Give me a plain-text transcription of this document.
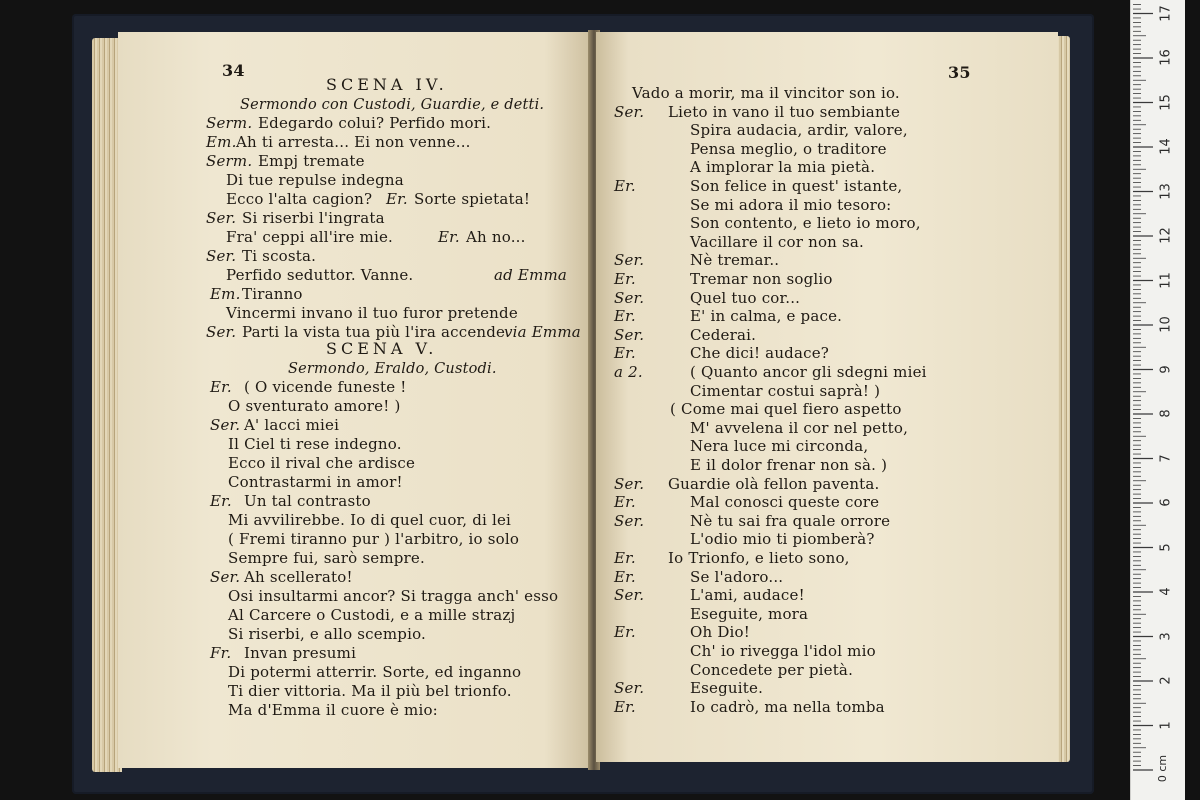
34
SCENA IV.
Sermondo con Custodi, Guardie, e detti.
SCENA V.
Sermondo, Eraldo, Custodi.
Serm. Edegardo colui? Perfido mori.
Em. Ah ti arresta... Ei non venne...
Serm. Empj tremate
Di tue repulse indegna
Ecco l'alta cagion? Er. Sorte spietata!
Ser. Si riserbi l'ingrata
Fra' ceppi all'ire mie.	Er. Ah no...
Ser. Ti scosta.
Perfido seduttor. Vanne.	ad Emma
Em. Tiranno
Vincermi invano il tuo furor pretende
Ser. Parti la vista tua più l'ira accende
via Emma
Er. ( O vicende funeste !
O sventurato amore! )
Ser. A' lacci miei
Il Ciel ti rese indegno.
Ecco il rival che ardisce
Contrastarmi in amor!
Er. Un tal contrasto
Mi avvilirebbe. Io di quel cuor, di lei
( Fremi tiranno pur ) l'arbitro, io solo
Sempre fui, sarò sempre.
Ser. Ah scellerato!
Osi insultarmi ancor? Si tragga anch' esso
Al Carcere o Custodi, e a mille strazj
Si riserbi, e allo scempio.
Fr. Invan presumi
Di potermi atterrir. Sorte, ed inganno
Ti dier vittoria. Ma il più bel trionfo.
Ma d'Emma il cuore è mio:
35
Vado a morir, ma il vincitor son io.
Ser. Lieto in vano il tuo sembiante
Spira audacia, ardir, valore,
Pensa meglio, o traditore
A implorar la mia pietà.
Er.	Son felice in quest' istante,
Se mi adora il mio tesoro:
Son contento, e lieto io moro,
Vacillare il cor non sa.
Ser.	Nè tremar..
Er.	Tremar non soglio
Ser.	Quel tuo cor...
Er.	E' in calma, e pace.
Ser.	Cederai.
Er.	Che dici! audace?
a 2.	( Quanto ancor gli sdegni miei
Cimentar costui saprà! )
( Come mai quel fiero aspetto
M' avvelena il cor nel petto,
Nera luce mi circonda,
E il dolor frenar non sà. )
Ser. Guardie olà fellon paventa.
Er.	Mal conosci queste core
Ser.	Nè tu sai fra quale orrore
L'odio mio ti piomberà?
Er. Io Trionfo, e lieto sono,
Er.	Se l'adoro...
Ser.	L'ami, audace!
Eseguite, mora
Er.	Oh Dio!
Ch' io rivegga l'idol mio
Concedete per pietà.
Ser.	Eseguite.
Er.	Io cadrò, ma nella tomba
0 cm
17
16
15
14
13
12
11
10
9
8
7
6
5
4
3
2
1
